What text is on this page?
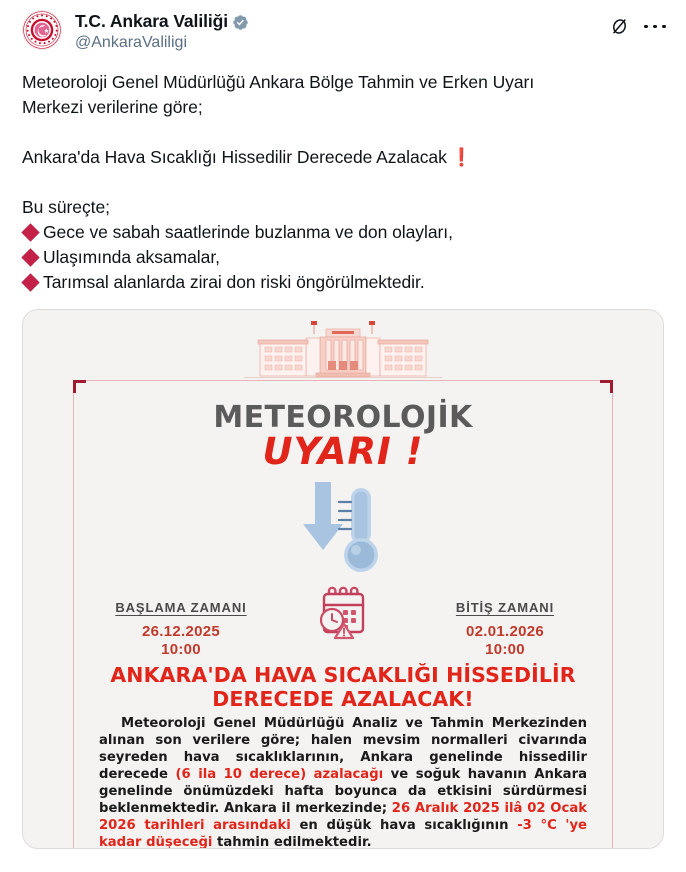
T.C. Ankara Valiliği
@AnkaraValiligi
Meteoroloji Genel Müdürlüğü Ankara Bölge Tahmin ve Erken Uyarı
Merkezi verilerine göre;
Ankara'da Hava Sıcaklığı Hissedilir Derecede Azalacak ❗
Bu süreçte;
Gece ve sabah saatlerinde buzlanma ve don olayları,
Ulaşımında aksamalar,
Tarımsal alanlarda zirai don riski öngörülmektedir.
METEOROLOJİK
UYARI !
BAŞLAMA ZAMANI
26.12.2025
10:00
BİTİŞ ZAMANI
02.01.2026
10:00
ANKARA'DA HAVA SICAKLIĞI HİSSEDİLİR
DERECEDE AZALACAK!
Meteoroloji Genel Müdürlüğü Analiz ve Tahmin Merkezinden alınan son verilere göre; halen mevsim normalleri civarında seyreden hava sıcaklıklarının, Ankara genelinde hissedilir derecede (6 ila 10 derece) azalacağı ve soğuk havanın Ankara genelinde önümüzdeki hafta boyunca da etkisini sürdürmesi beklenmektedir. Ankara il merkezinde; 26 Aralık 2025 ilâ 02 Ocak 2026 tarihleri arasındaki en düşük hava sıcaklığının -3 °C 'ye kadar düşeceği tahmin edilmektedir.
